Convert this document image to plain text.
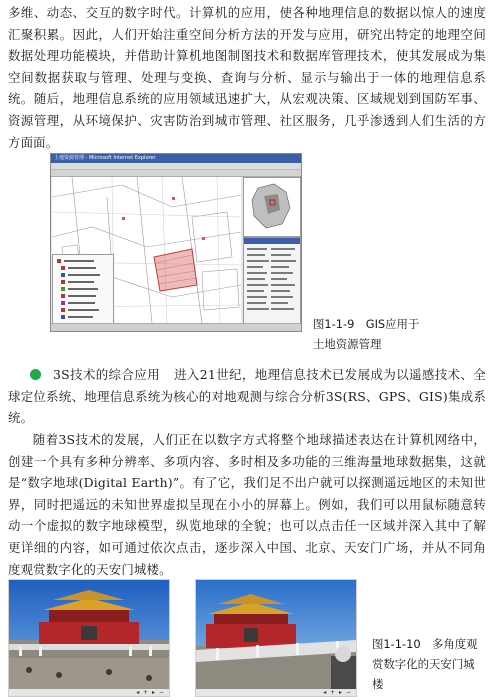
多维、动态、交互的数字时代。计算机的应用，使各种地理信息的数据以惊人的速度汇聚积累。因此，人们开始注重空间分析方法的开发与应用，研究出特定的地理空间数据处理功能模块，并借助计算机地图制图技术和数据库管理技术，使其发展成为集空间数据获取与管理、处理与变换、查询与分析、显示与输出于一体的地理信息系统。随后，地理信息系统的应用领域迅速扩大，从宏观决策、区域规划到国防军事、资源管理，从环境保护、灾害防治到城市管理、社区服务，几乎渗透到人们生活的方方面面。

土地资源管理 - Microsoft Internet Explorer

图1-1-9　GIS应用于
土地资源管理

3S技术的综合应用 进入21世纪，地理信息技术已发展成为以遥感技术、全球定位系统、地理信息系统为核心的对地观测与综合分析3S(RS、GPS、GIS)集成系统。

随着3S技术的发展，人们正在以数字方式将整个地球描述表达在计算机网络中，创建一个具有多种分辨率、多项内容、多时相及多功能的三维海量地球数据集，这就是“数字地球(Digital Earth)”。有了它，我们足不出户就可以探测遥远地区的未知世界，同时把遥远的未知世界虚拟呈现在小小的屏幕上。例如，我们可以用鼠标随意转动一个虚拟的数字地球模型，纵览地球的全貌；也可以点击任一区域并深入其中了解更详细的内容，如可通过依次点击，逐步深入中国、北京、天安门广场，并从不同角度观赏数字化的天安门城楼。

◂ + ▸ −	◂ + ▸ −

图1-1-10　多角度观
赏数字化的天安门城
楼
